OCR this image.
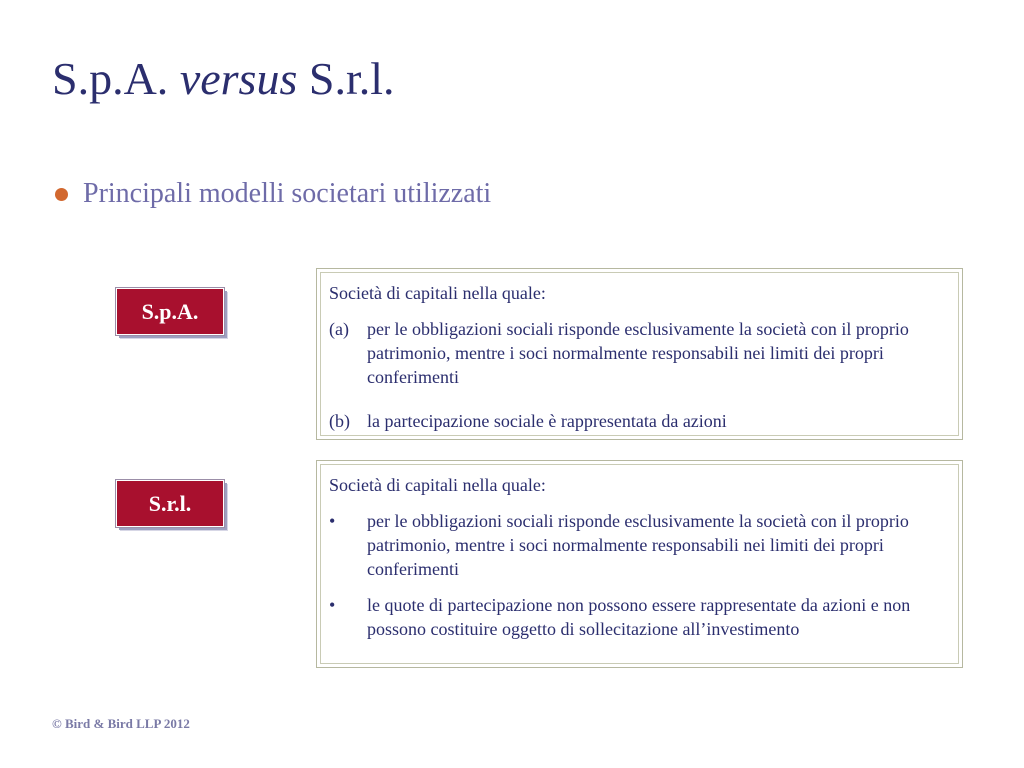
S.p.A. versus S.r.l.
Principali modelli societari utilizzati
S.p.A.

Società di capitali nella quale:

(a)	per le obbligazioni sociali risponde esclusivamente la società con il proprio patrimonio, mentre i soci normalmente responsabili nei limiti dei propri conferimenti
(b) la partecipazione sociale è rappresentata da azioni
S.r.l.

Società di capitali nella quale:

•	per le obbligazioni sociali risponde esclusivamente la società con il proprio patrimonio, mentre i soci normalmente responsabili nei limiti dei propri conferimenti
•	le quote di partecipazione non possono essere rappresentate da azioni e non possono costituire oggetto di sollecitazione all’investimento
© Bird & Bird LLP 2012
